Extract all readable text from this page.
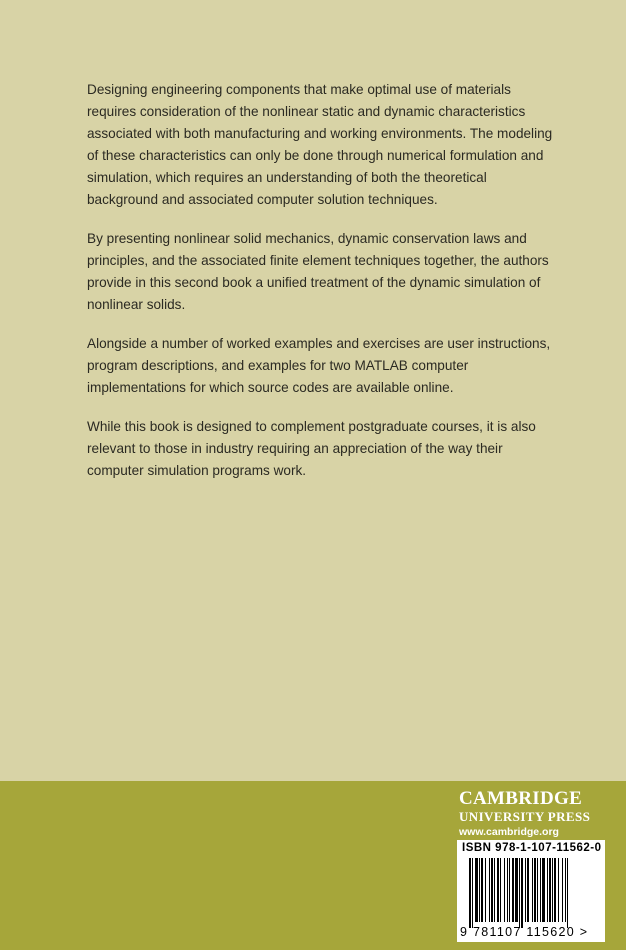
Designing engineering components that make optimal use of materials requires consideration of the nonlinear static and dynamic characteristics associated with both manufacturing and working environments. The modeling of these characteristics can only be done through numerical formulation and simulation, which requires an understanding of both the theoretical background and associated computer solution techniques.

By presenting nonlinear solid mechanics, dynamic conservation laws and principles, and the associated finite element techniques together, the authors provide in this second book a unified treatment of the dynamic simulation of nonlinear solids.

Alongside a number of worked examples and exercises are user instructions, program descriptions, and examples for two MATLAB computer implementations for which source codes are available online.

While this book is designed to complement postgraduate courses, it is also relevant to those in industry requiring an appreciation of the way their computer simulation programs work.

CAMBRIDGE
UNIVERSITY PRESS
www.cambridge.org
ISBN 978-1-107-11562-0
9 781107 115620 >
